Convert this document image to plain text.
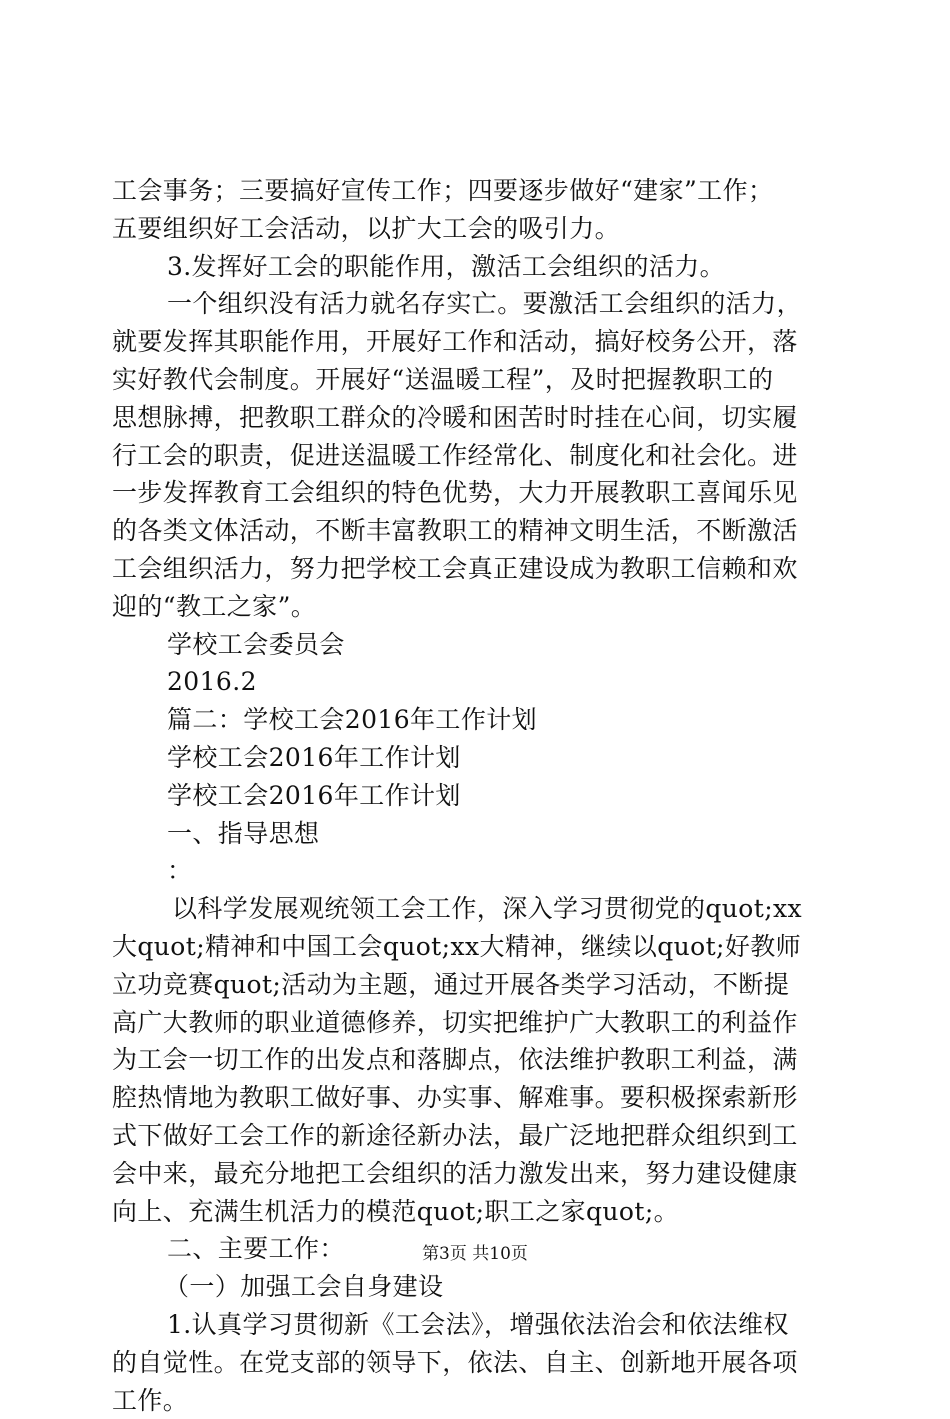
工会事务；三要搞好宣传工作；四要逐步做好“建家”工作；
五要组织好工会活动，以扩大工会的吸引力。
3.发挥好工会的职能作用，激活工会组织的活力。
一个组织没有活力就名存实亡。要激活工会组织的活力，
就要发挥其职能作用，开展好工作和活动，搞好校务公开，落
实好教代会制度。开展好“送温暖工程”，及时把握教职工的
思想脉搏，把教职工群众的冷暖和困苦时时挂在心间，切实履
行工会的职责，促进送温暖工作经常化、制度化和社会化。进
一步发挥教育工会组织的特色优势，大力开展教职工喜闻乐见
的各类文体活动，不断丰富教职工的精神文明生活，不断激活
工会组织活力，努力把学校工会真正建设成为教职工信赖和欢
迎的“教工之家”。
学校工会委员会
2016.2
篇二：学校工会2016年工作计划
学校工会2016年工作计划
学校工会2016年工作计划
一、指导思想
：
以科学发展观统领工会工作，深入学习贯彻党的quot;xx
大quot;精神和中国工会quot;xx大精神，继续以quot;好教师
立功竞赛quot;活动为主题，通过开展各类学习活动，不断提
高广大教师的职业道德修养，切实把维护广大教职工的利益作
为工会一切工作的出发点和落脚点，依法维护教职工利益，满
腔热情地为教职工做好事、办实事、解难事。要积极探索新形
式下做好工会工作的新途径新办法，最广泛地把群众组织到工
会中来，最充分地把工会组织的活力激发出来，努力建设健康
向上、充满生机活力的模范quot;职工之家quot;。
二、主要工作：
（一）加强工会自身建设
1.认真学习贯彻新《工会法》，增强依法治会和依法维权
的自觉性。在党支部的领导下，依法、自主、创新地开展各项
工作。
第3页 共10页
